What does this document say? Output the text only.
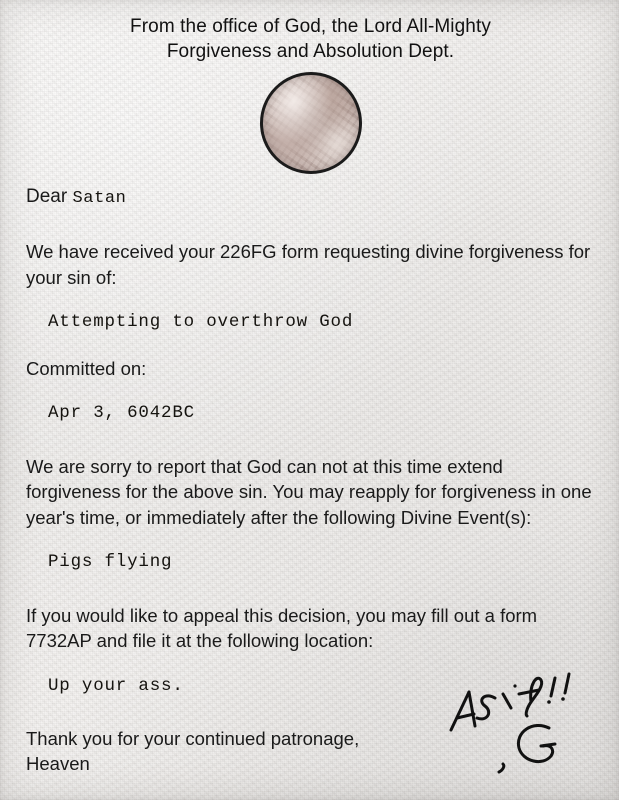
From the office of God, the Lord All-Mighty
Forgiveness and Absolution Dept.
Dear Satan
We have received your 226FG form requesting divine forgiveness for your sin of:
Attempting to overthrow God
Committed on:
Apr 3, 6042BC
We are sorry to report that God can not at this time extend forgiveness for the above sin. You may reapply for forgiveness in one year's time, or immediately after the following Divine Event(s):
Pigs flying
If you would like to appeal this decision, you may fill out a form 7732AP and file it at the following location:
Up your ass.
Thank you for your continued patronage,
Heaven
